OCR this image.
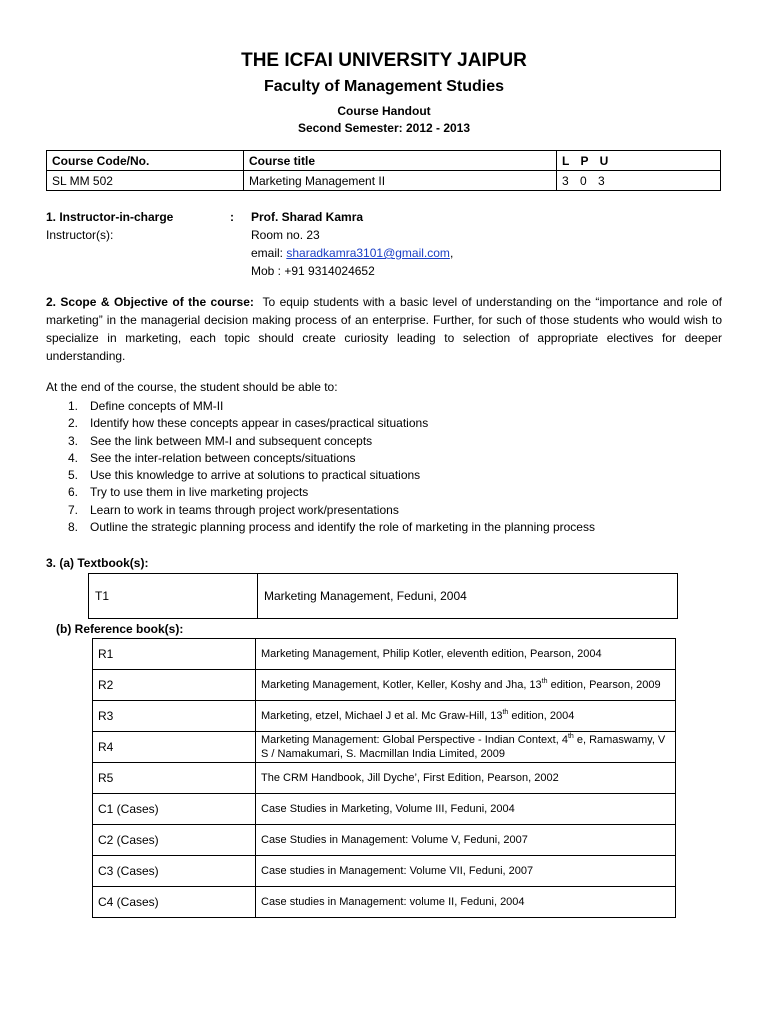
THE ICFAI UNIVERSITY JAIPUR
Faculty of Management Studies
Course Handout
Second Semester: 2012 - 2013
Course Code/No.	Course title	L P U
SL MM 502	Marketing Management II	3 0 3
1. Instructor-in-charge	: Prof. Sharad Kamra
Instructor(s):	Room no. 23
email: sharadkamra3101@gmail.com,
Mob : +91 9314024652
2. Scope & Objective of the course: To equip students with a basic level of understanding on the “importance and role of marketing” in the managerial decision making process of an enterprise. Further, for such of those students who would wish to specialize in marketing, each topic should create curiosity leading to selection of appropriate electives for deeper understanding.
At the end of the course, the student should be able to:
1. Define concepts of MM-II
2. Identify how these concepts appear in cases/practical situations
3. See the link between MM-I and subsequent concepts
4. See the inter-relation between concepts/situations
5. Use this knowledge to arrive at solutions to practical situations
6. Try to use them in live marketing projects
7. Learn to work in teams through project work/presentations
8. Outline the strategic planning process and identify the role of marketing in the planning process
3. (a) Textbook(s):
T1	Marketing Management, Feduni, 2004
(b) Reference book(s):
R1	Marketing Management, Philip Kotler, eleventh edition, Pearson, 2004
R2	Marketing Management, Kotler, Keller, Koshy and Jha, 13th edition, Pearson, 2009
R3	Marketing, etzel, Michael J et al. Mc Graw-Hill, 13th edition, 2004
R4	Marketing Management: Global Perspective - Indian Context, 4th e, Ramaswamy, V S / Namakumari, S. Macmillan India Limited, 2009
R5	The CRM Handbook, Jill Dyche’, First Edition, Pearson, 2002
C1 (Cases)	Case Studies in Marketing, Volume III, Feduni, 2004
C2 (Cases)	Case Studies in Management: Volume V, Feduni, 2007
C3 (Cases)	Case studies in Management: Volume VII, Feduni, 2007
C4 (Cases)	Case studies in Management: volume II, Feduni, 2004
